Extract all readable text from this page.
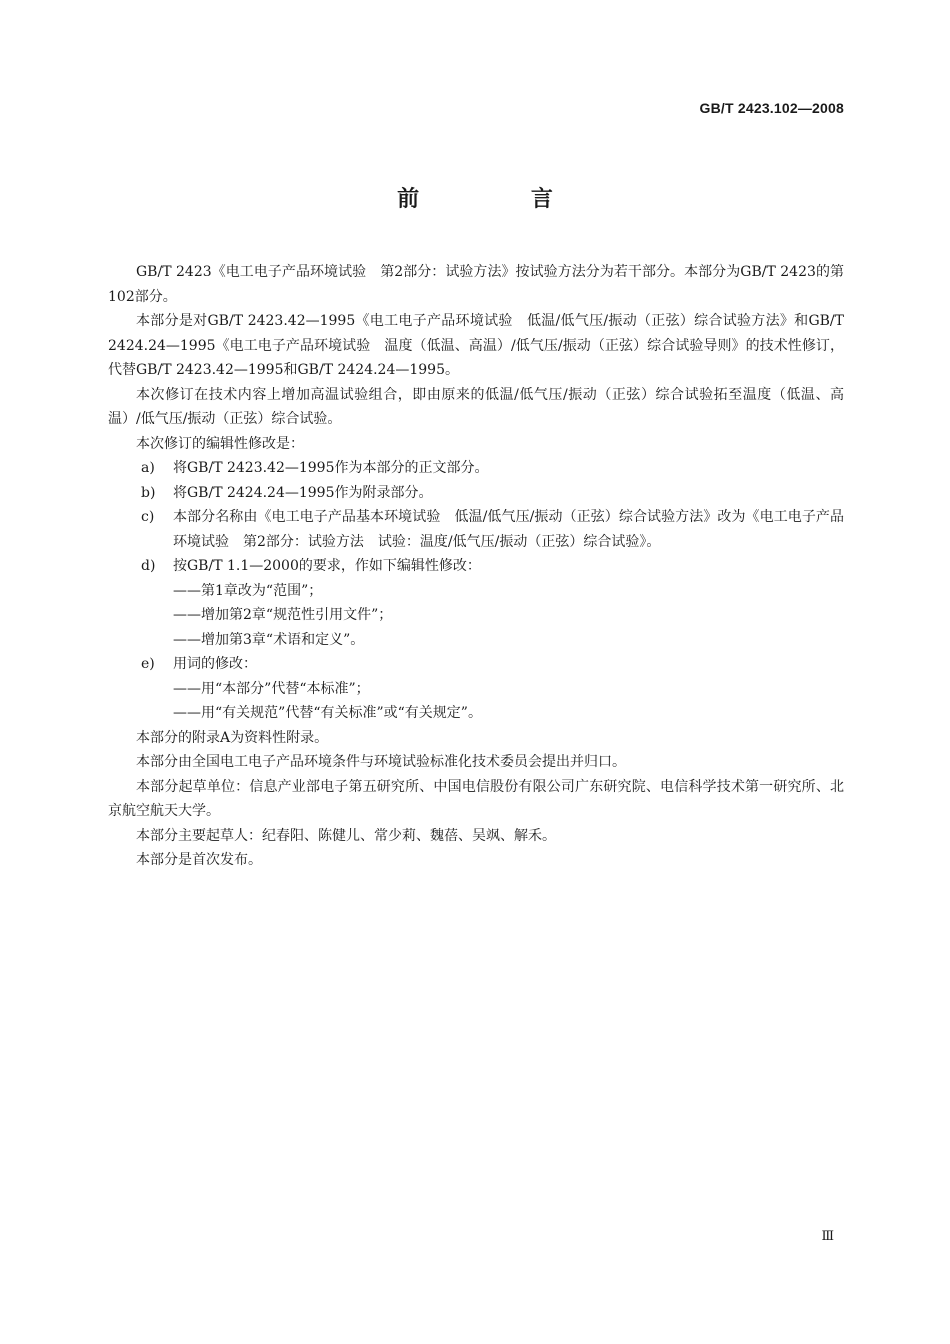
GB/T 2423.102—2008
前 言

GB/T 2423《电工电子产品环境试验　第2部分：试验方法》按试验方法分为若干部分。本部分为GB/T 2423的第102部分。

本部分是对GB/T 2423.42—1995《电工电子产品环境试验　低温/低气压/振动（正弦）综合试验方法》和GB/T 2424.24—1995《电工电子产品环境试验　温度（低温、高温）/低气压/振动（正弦）综合试验导则》的技术性修订，代替GB/T 2423.42—1995和GB/T 2424.24—1995。

本次修订在技术内容上增加高温试验组合，即由原来的低温/低气压/振动（正弦）综合试验拓至温度（低温、高温）/低气压/振动（正弦）综合试验。

本次修订的编辑性修改是：

a) 将GB/T 2423.42—1995作为本部分的正文部分。
b) 将GB/T 2424.24—1995作为附录部分。
c) 本部分名称由《电工电子产品基本环境试验　低温/低气压/振动（正弦）综合试验方法》改为《电工电子产品环境试验　第2部分：试验方法　试验：温度/低气压/振动（正弦）综合试验》。
d) 按GB/T 1.1—2000的要求，作如下编辑性修改：

——第1章改为“范围”；

——增加第2章“规范性引用文件”；

——增加第3章“术语和定义”。

e) 用词的修改：

——用“本部分”代替“本标准”；

——用“有关规范”代替“有关标准”或“有关规定”。

本部分的附录A为资料性附录。

本部分由全国电工电子产品环境条件与环境试验标准化技术委员会提出并归口。

本部分起草单位：信息产业部电子第五研究所、中国电信股份有限公司广东研究院、电信科学技术第一研究所、北京航空航天大学。

本部分主要起草人：纪春阳、陈健儿、常少莉、魏蓓、吴飒、解禾。

本部分是首次发布。

Ⅲ
